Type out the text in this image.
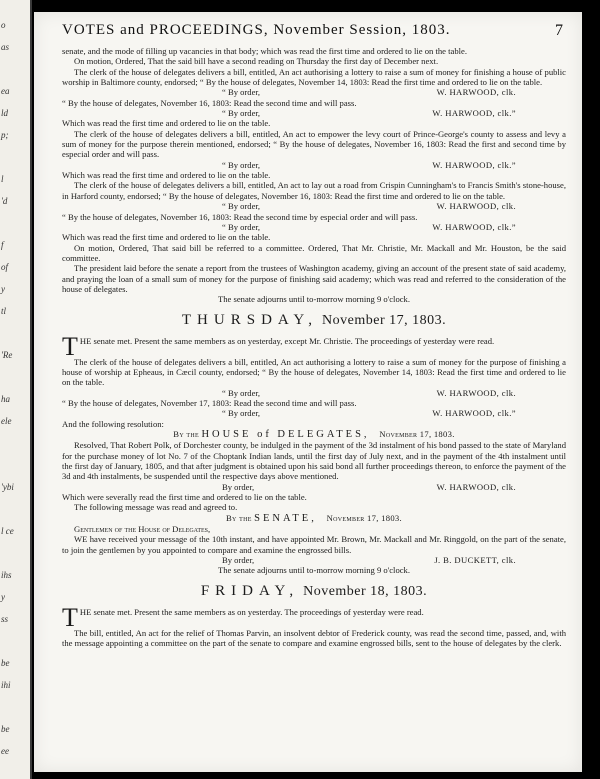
o
as
ea
ld
p;
l
'd
f
of
y
tl
'Re
ha
ele
'ybi
l ce
ihs
y
ss
be
ihi
be
ee
VOTES and PROCEEDINGS, November Session, 1803.	7

senate, and the mode of filling up vacancies in that body; which was read the first time and ordered to lie on the table.

On motion, Ordered, That the said bill have a second reading on Thursday the first day of December next.

The clerk of the house of delegates delivers a bill, entitled, An act authorising a lottery to raise a sum of money for finishing a house of public worship in Baltimore county, endorsed; “ By the house of delegates, November 14, 1803: Read the first time and ordered to lie on the table.

“ By order,	W. HARWOOD, clk.

“ By the house of delegates, November 16, 1803: Read the second time and will pass.

“ By order,	W. HARWOOD, clk.”

Which was read the first time and ordered to lie on the table.

The clerk of the house of delegates delivers a bill, entitled, An act to empower the levy court of Prince-George's county to assess and levy a sum of money for the purpose therein mentioned, endorsed; “ By the house of delegates, November 16, 1803: Read the first and second time by especial order and will pass.

“ By order,	W. HARWOOD, clk.”

Which was read the first time and ordered to lie on the table.

The clerk of the house of delegates delivers a bill, entitled, An act to lay out a road from Crispin Cunningham's to Francis Smith's stone-house, in Harford county, endorsed; “ By the house of delegates, November 16, 1803: Read the first time and ordered to lie on the table.

“ By order,	W. HARWOOD, clk.

“ By the house of delegates, November 16, 1803: Read the second time by especial order and will pass.

“ By order,	W. HARWOOD, clk.”

Which was read the first time and ordered to lie on the table.

On motion, Ordered, That said bill be referred to a committee. Ordered, That Mr. Christie, Mr. Mackall and Mr. Houston, be the said committee.

The president laid before the senate a report from the trustees of Washington academy, giving an account of the present state of said academy, and praying the loan of a small sum of money for the purpose of finishing said academy; which was read and referred to the consideration of the house of delegates.

The senate adjourns until to-morrow morning 9 o'clock.

THURSDAY, November 17, 1803.

THE senate met. Present the same members as on yesterday, except Mr. Christie. The proceedings of yesterday were read.

The clerk of the house of delegates delivers a bill, entitled, An act authorising a lottery to raise a sum of money for the purpose of finishing a house of worship at Epheaus, in Cæcil county, endorsed; “ By the house of delegates, November 14, 1803: Read the first time and ordered to lie on the table.

“ By order,	W. HARWOOD, clk.

“ By the house of delegates, November 17, 1803: Read the second time and will pass.

“ By order,	W. HARWOOD, clk.”

And the following resolution:

By the HOUSE of DELEGATES, November 17, 1803.

Resolved, That Robert Polk, of Dorchester county, be indulged in the payment of the 3d instalment of his bond passed to the state of Maryland for the purchase money of lot No. 7 of the Choptank Indian lands, until the first day of July next, and in the payment of the 4th instalment until the first day of January, 1805, and that after judgment is obtained upon his said bond all further proceedings thereon, to enforce the payment of the 3d and 4th instalments, be suspended until the respective days above mentioned.

By order,	W. HARWOOD, clk.

Which were severally read the first time and ordered to lie on the table.

The following message was read and agreed to.

By the SENATE, November 17, 1803.

Gentlemen of the House of Delegates,

WE have received your message of the 10th instant, and have appointed Mr. Brown, Mr. Mackall and Mr. Ringgold, on the part of the senate, to join the gentlemen by you appointed to compare and examine the engrossed bills.

By order,	J. B. DUCKETT, clk.

The senate adjourns until to-morrow morning 9 o'clock.

FRIDAY, November 18, 1803.

THE senate met. Present the same members as on yesterday. The proceedings of yesterday were read.

The bill, entitled, An act for the relief of Thomas Parvin, an insolvent debtor of Frederick county, was read the second time, passed, and, with the message appointing a committee on the part of the senate to compare and examine engrossed bills, sent to the house of delegates by the clerk.
